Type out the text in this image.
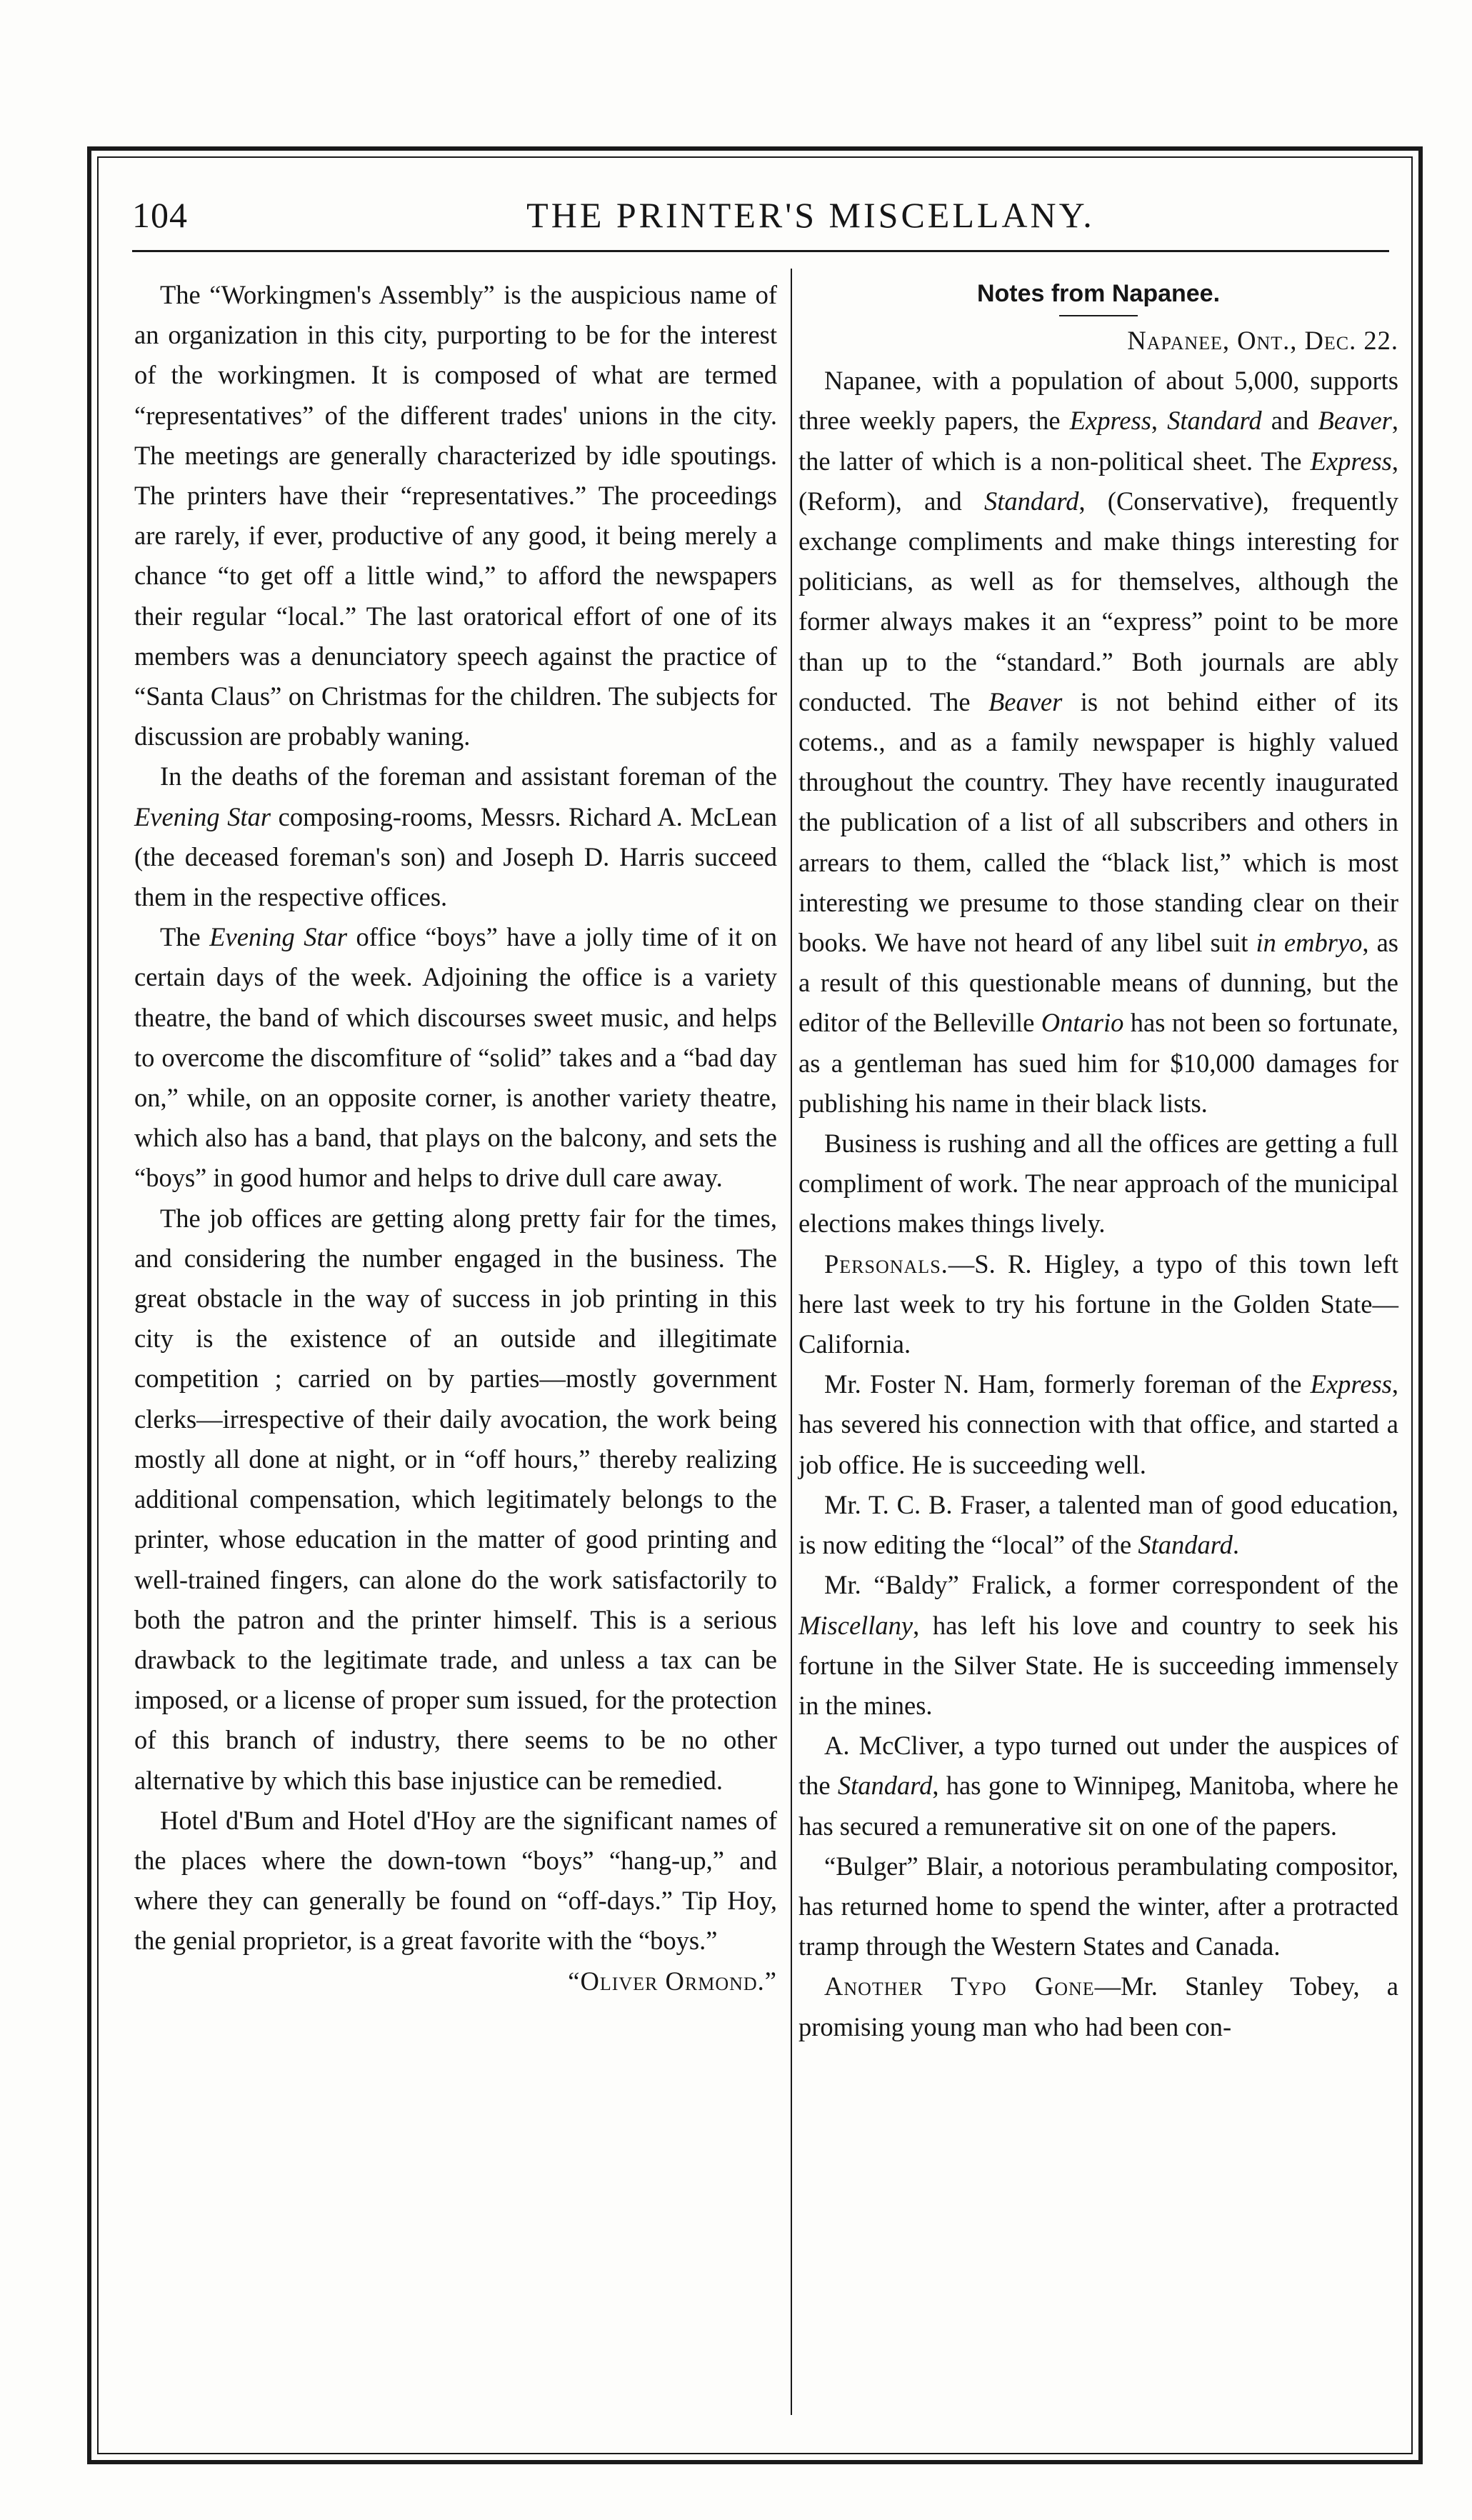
104	THE PRINTER'S MISCELLANY.

The “Workingmen's Assembly” is the auspicious name of an organization in this city, purporting to be for the interest of the workingmen. It is composed of what are termed “representatives” of the different trades' unions in the city. The meetings are generally characterized by idle spoutings. The printers have their “representatives.” The proceedings are rarely, if ever, productive of any good, it being merely a chance “to get off a little wind,” to afford the newspapers their regular “local.” The last oratorical effort of one of its members was a denunciatory speech against the practice of “Santa Claus” on Christmas for the children. The subjects for discussion are probably waning.

In the deaths of the foreman and assistant foreman of the Evening Star composing-rooms, Messrs. Richard A. McLean (the deceased foreman's son) and Joseph D. Harris succeed them in the respective offices.

The Evening Star office “boys” have a jolly time of it on certain days of the week. Adjoining the office is a variety theatre, the band of which discourses sweet music, and helps to overcome the discomfiture of “solid” takes and a “bad day on,” while, on an opposite corner, is another variety theatre, which also has a band, that plays on the balcony, and sets the “boys” in good humor and helps to drive dull care away.

The job offices are getting along pretty fair for the times, and considering the number engaged in the business. The great obstacle in the way of success in job printing in this city is the existence of an outside and illegitimate competition ; carried on by parties—mostly government clerks—irrespective of their daily avocation, the work being mostly all done at night, or in “off hours,” thereby realizing additional compensation, which legitimately belongs to the printer, whose education in the matter of good printing and well-trained fingers, can alone do the work satisfactorily to both the patron and the printer himself. This is a serious drawback to the legitimate trade, and unless a tax can be imposed, or a license of proper sum issued, for the protection of this branch of industry, there seems to be no other alternative by which this base injustice can be remedied.

Hotel d'Bum and Hotel d'Hoy are the significant names of the places where the down-town “boys” “hang-up,” and where they can generally be found on “off-days.” Tip Hoy, the genial proprietor, is a great favorite with the “boys.”
“Oliver Ormond.”

Notes from Napanee.

Napanee, Ont., Dec. 22.

Napanee, with a population of about 5,000, supports three weekly papers, the Express, Standard and Beaver, the latter of which is a non-political sheet. The Express, (Reform), and Standard, (Conservative), frequently exchange compliments and make things interesting for politicians, as well as for themselves, although the former always makes it an “express” point to be more than up to the “standard.” Both journals are ably conducted. The Beaver is not behind either of its cotems., and as a family newspaper is highly valued throughout the country. They have recently inaugurated the publication of a list of all subscribers and others in arrears to them, called the “black list,” which is most interesting we presume to those standing clear on their books. We have not heard of any libel suit in embryo, as a result of this questionable means of dunning, but the editor of the Belleville Ontario has not been so fortunate, as a gentleman has sued him for $10,000 damages for publishing his name in their black lists.

Business is rushing and all the offices are getting a full compliment of work. The near approach of the municipal elections makes things lively.

Personals.—S. R. Higley, a typo of this town left here last week to try his fortune in the Golden State—California.

Mr. Foster N. Ham, formerly foreman of the Express, has severed his connection with that office, and started a job office. He is succeeding well.

Mr. T. C. B. Fraser, a talented man of good education, is now editing the “local” of the Standard.

Mr. “Baldy” Fralick, a former correspondent of the Miscellany, has left his love and country to seek his fortune in the Silver State. He is succeeding immensely in the mines.

A. McCliver, a typo turned out under the auspices of the Standard, has gone to Winnipeg, Manitoba, where he has secured a remunerative sit on one of the papers.

“Bulger” Blair, a notorious perambulating compositor, has returned home to spend the winter, after a protracted tramp through the Western States and Canada.

Another Typo Gone—Mr. Stanley Tobey, a promising young man who had been con-
